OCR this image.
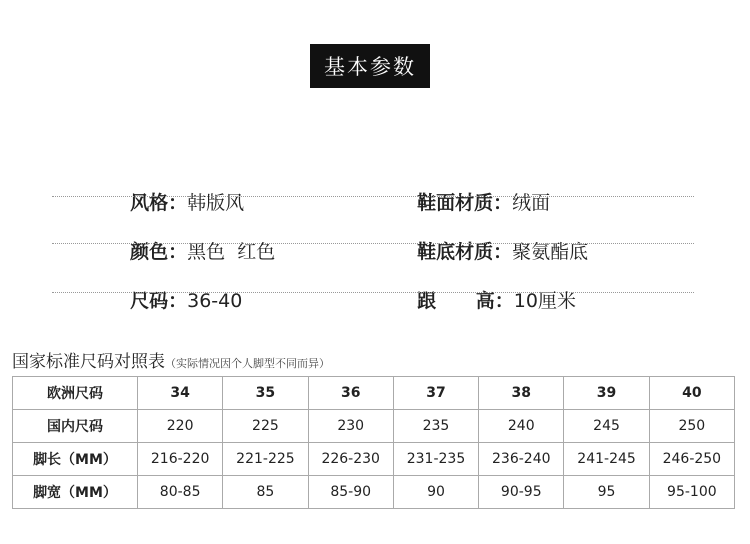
基本参数

风格：韩版风	鞋面材质：绒面

颜色：黑色  红色	鞋底材质：聚氨酯底

尺码：36-40	跟      高：10厘米

国家标准尺码对照表（实际情况因个人脚型不同而异）
欧洲尺码	34	35	36	37	38	39	40
国内尺码	220	225	230	235	240	245	250
脚长（MM）	216-220	221-225	226-230	231-235	236-240	241-245	246-250
脚宽（MM）	80-85	85	85-90	90	90-95	95	95-100
